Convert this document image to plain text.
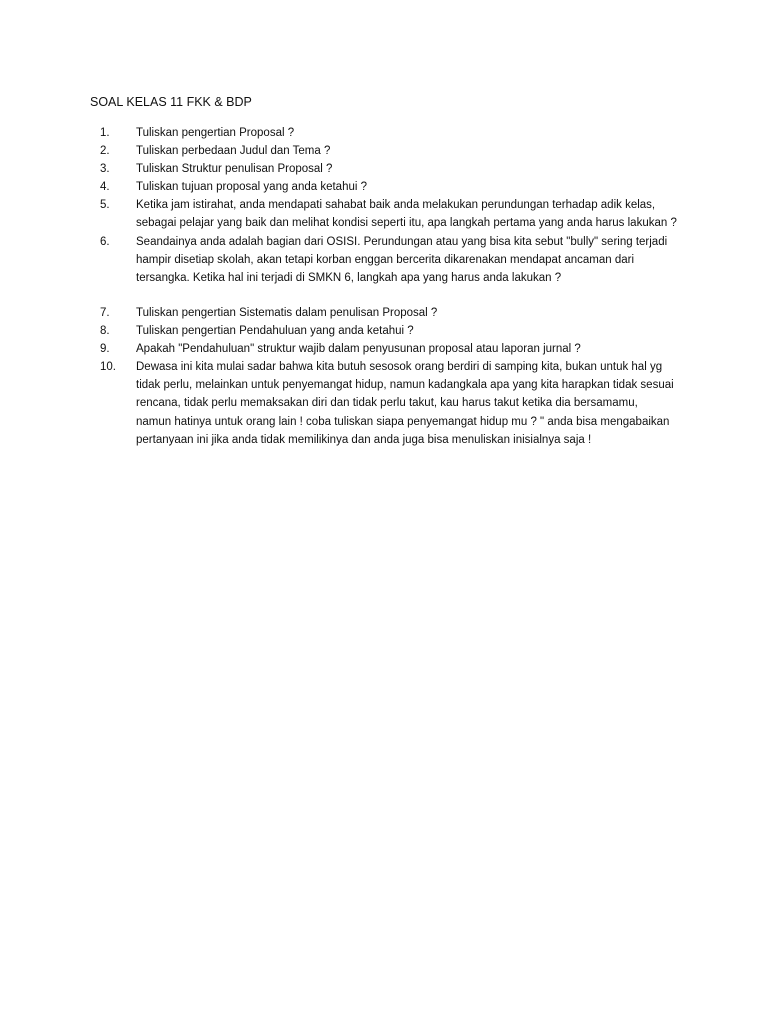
SOAL KELAS 11 FKK & BDP
1.	Tuliskan pengertian Proposal ?
2.	Tuliskan perbedaan Judul dan Tema ?
3.	Tuliskan Struktur penulisan Proposal ?
4.	Tuliskan tujuan proposal yang anda ketahui ?
5.	Ketika jam istirahat, anda mendapati sahabat baik anda melakukan perundungan terhadap adik kelas,
sebagai pelajar yang baik dan melihat kondisi seperti itu, apa langkah pertama yang anda harus lakukan ?
6.	Seandainya anda adalah bagian dari OSISI. Perundungan atau yang bisa kita sebut "bully" sering terjadi
hampir disetiap skolah, akan tetapi korban enggan bercerita dikarenakan mendapat ancaman dari
tersangka. Ketika hal ini terjadi di SMKN 6, langkah apa yang harus anda lakukan ?
7.	Tuliskan pengertian Sistematis dalam penulisan Proposal ?
8.	Tuliskan pengertian Pendahuluan yang anda ketahui ?
9.	Apakah "Pendahuluan" struktur wajib dalam penyusunan proposal atau laporan jurnal ?
10.	Dewasa ini kita mulai sadar bahwa kita butuh sesosok orang berdiri di samping kita, bukan untuk hal yg
tidak perlu, melainkan untuk penyemangat hidup, namun kadangkala apa yang kita harapkan tidak sesuai
rencana, tidak perlu memaksakan diri dan tidak perlu takut, kau harus takut ketika dia bersamamu,
namun hatinya untuk orang lain ! coba tuliskan siapa penyemangat hidup mu ? " anda bisa mengabaikan
pertanyaan ini jika anda tidak memilikinya dan anda juga bisa menuliskan inisialnya saja !
